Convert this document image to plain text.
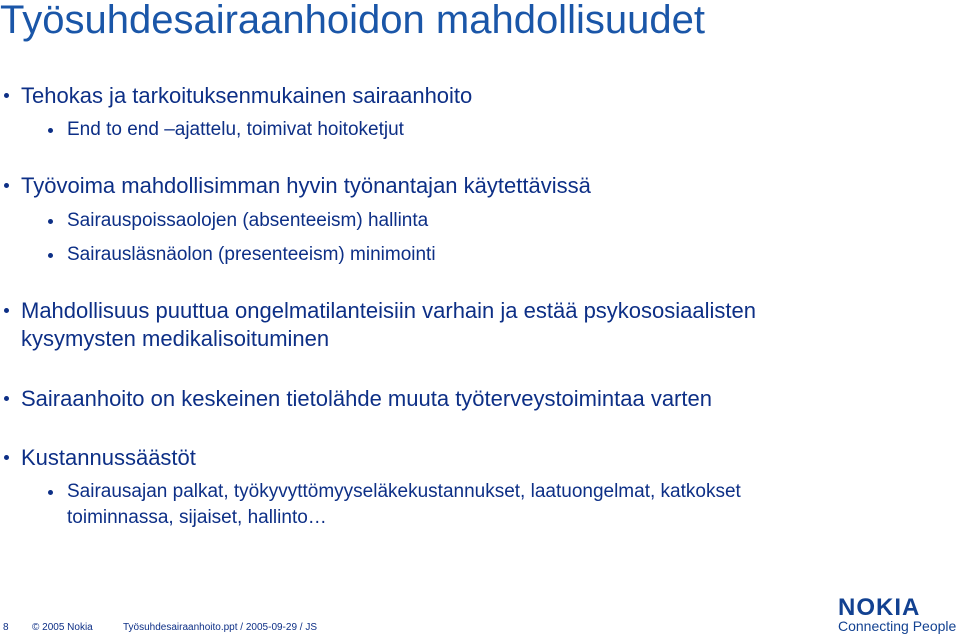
Työsuhdesairaanhoidon mahdollisuudet
Tehokas ja tarkoituksenmukainen sairaanhoito
End to end –ajattelu, toimivat hoitoketjut
Työvoima mahdollisimman hyvin työnantajan käytettävissä
Sairauspoissaolojen (absenteeism) hallinta
Sairausläsnäolon (presenteeism) minimointi
Mahdollisuus puuttua ongelmatilanteisiin varhain ja estää psykososiaalisten
kysymysten medikalisoituminen
Sairaanhoito on keskeinen tietolähde muuta työterveystoimintaa varten
Kustannussäästöt
Sairausajan palkat, työkyvyttömyyseläkekustannukset, laatuongelmat, katkokset
toiminnassa, sijaiset, hallinto…
8 © 2005 Nokia	Työsuhdesairaanhoito.ppt / 2005-09-29 / JS
NOKIA
Connecting People
